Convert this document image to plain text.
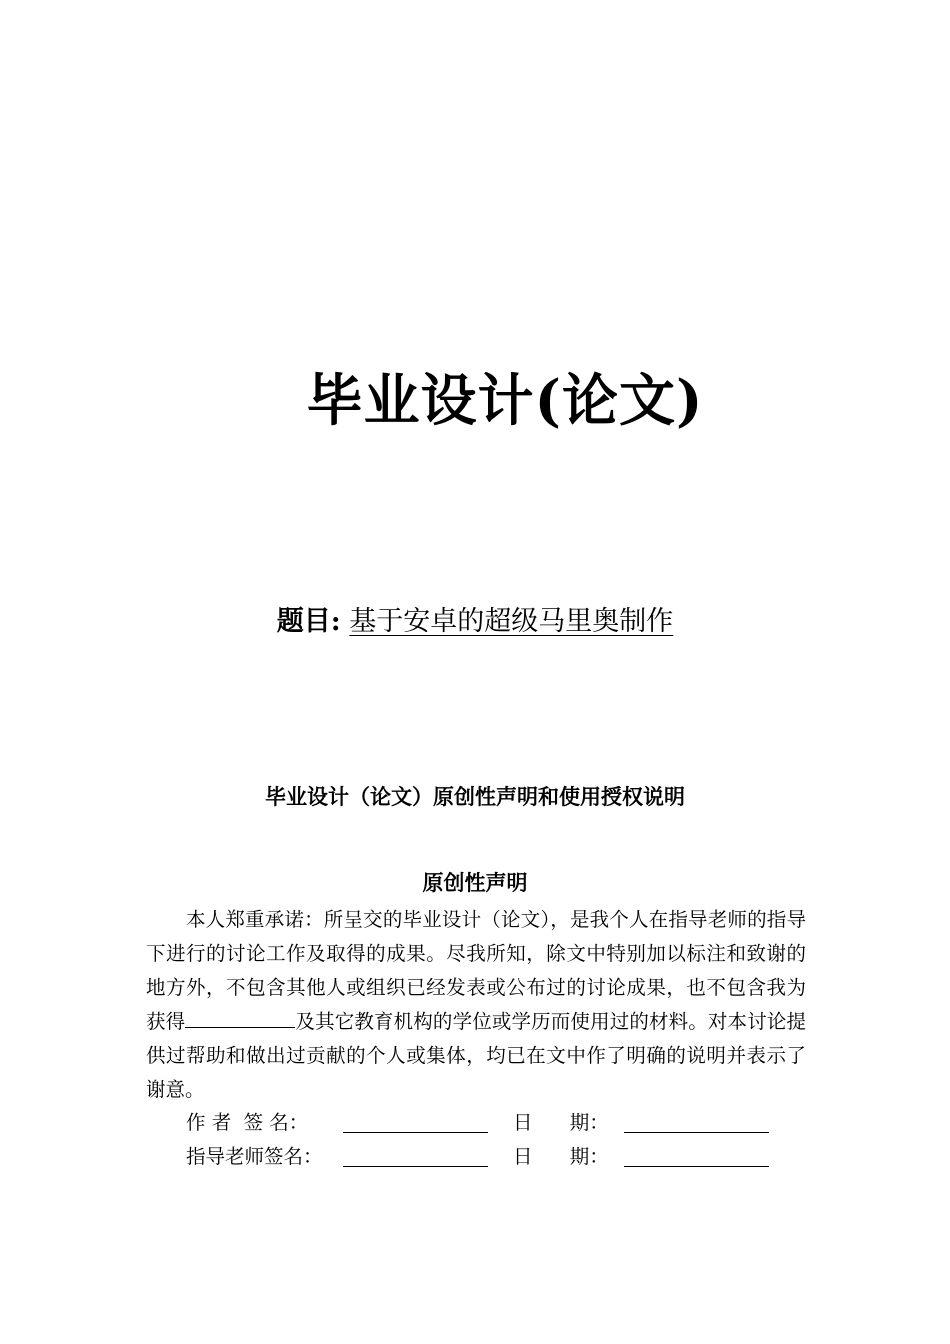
毕业设计(论文)
题目: 基于安卓的超级马里奥制作
毕业设计（论文）原创性声明和使用授权说明
原创性声明
本人郑重承诺：所呈交的毕业设计（论文），是我个人在指导老师的指导下进行的讨论工作及取得的成果。尽我所知，除文中特别加以标注和致谢的地方外，不包含其他人或组织已经发表或公布过的讨论成果，也不包含我为获得	及其它教育机构的学位或学历而使用过的材料。对本讨论提供过帮助和做出过贡献的个人或集体，均已在文中作了明确的说明并表示了谢意。
作 者  签 名：	日      期：
指导老师签名：	日      期：
